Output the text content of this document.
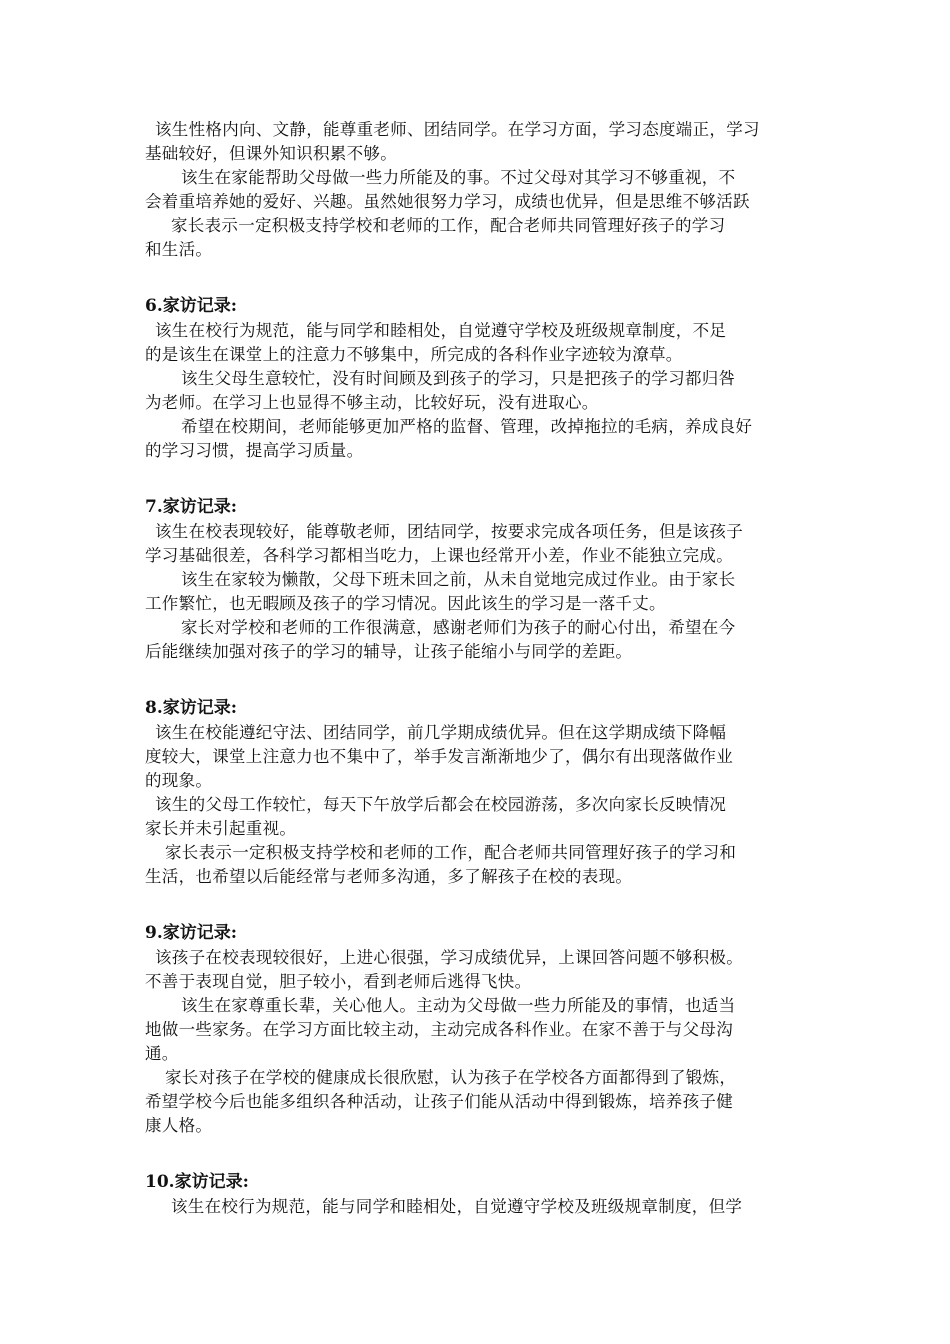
该生性格内向、文静，能尊重老师、团结同学。在学习方面，学习态度端正，学习
基础较好，但课外知识积累不够。
该生在家能帮助父母做一些力所能及的事。不过父母对其学习不够重视，不
会着重培养她的爱好、兴趣。虽然她很努力学习，成绩也优异，但是思维不够活跃
家长表示一定积极支持学校和老师的工作，配合老师共同管理好孩子的学习
和生活。
6.家访记录:
该生在校行为规范，能与同学和睦相处，自觉遵守学校及班级规章制度，不足
的是该生在课堂上的注意力不够集中，所完成的各科作业字迹较为潦草。
该生父母生意较忙，没有时间顾及到孩子的学习，只是把孩子的学习都归咎
为老师。在学习上也显得不够主动，比较好玩，没有进取心。
希望在校期间，老师能够更加严格的监督、管理，改掉拖拉的毛病，养成良好
的学习习惯，提高学习质量。
7.家访记录:
该生在校表现较好，能尊敬老师，团结同学，按要求完成各项任务，但是该孩子
学习基础很差，各科学习都相当吃力，上课也经常开小差，作业不能独立完成。
该生在家较为懒散，父母下班未回之前，从未自觉地完成过作业。由于家长
工作繁忙，也无暇顾及孩子的学习情况。因此该生的学习是一落千丈。
家长对学校和老师的工作很满意，感谢老师们为孩子的耐心付出，希望在今
后能继续加强对孩子的学习的辅导，让孩子能缩小与同学的差距。
8.家访记录:
该生在校能遵纪守法、团结同学，前几学期成绩优异。但在这学期成绩下降幅
度较大，课堂上注意力也不集中了，举手发言渐渐地少了，偶尔有出现落做作业
的现象。
该生的父母工作较忙，每天下午放学后都会在校园游荡，多次向家长反映情况
家长并未引起重视。
家长表示一定积极支持学校和老师的工作，配合老师共同管理好孩子的学习和
生活，也希望以后能经常与老师多沟通，多了解孩子在校的表现。
9.家访记录:
该孩子在校表现较很好，上进心很强，学习成绩优异，上课回答问题不够积极。
不善于表现自觉，胆子较小，看到老师后逃得飞快。
该生在家尊重长辈，关心他人。主动为父母做一些力所能及的事情，也适当
地做一些家务。在学习方面比较主动，主动完成各科作业。在家不善于与父母沟
通。
家长对孩子在学校的健康成长很欣慰，认为孩子在学校各方面都得到了锻炼，
希望学校今后也能多组织各种活动，让孩子们能从活动中得到锻炼，培养孩子健
康人格。
10.家访记录:
该生在校行为规范，能与同学和睦相处，自觉遵守学校及班级规章制度，但学
